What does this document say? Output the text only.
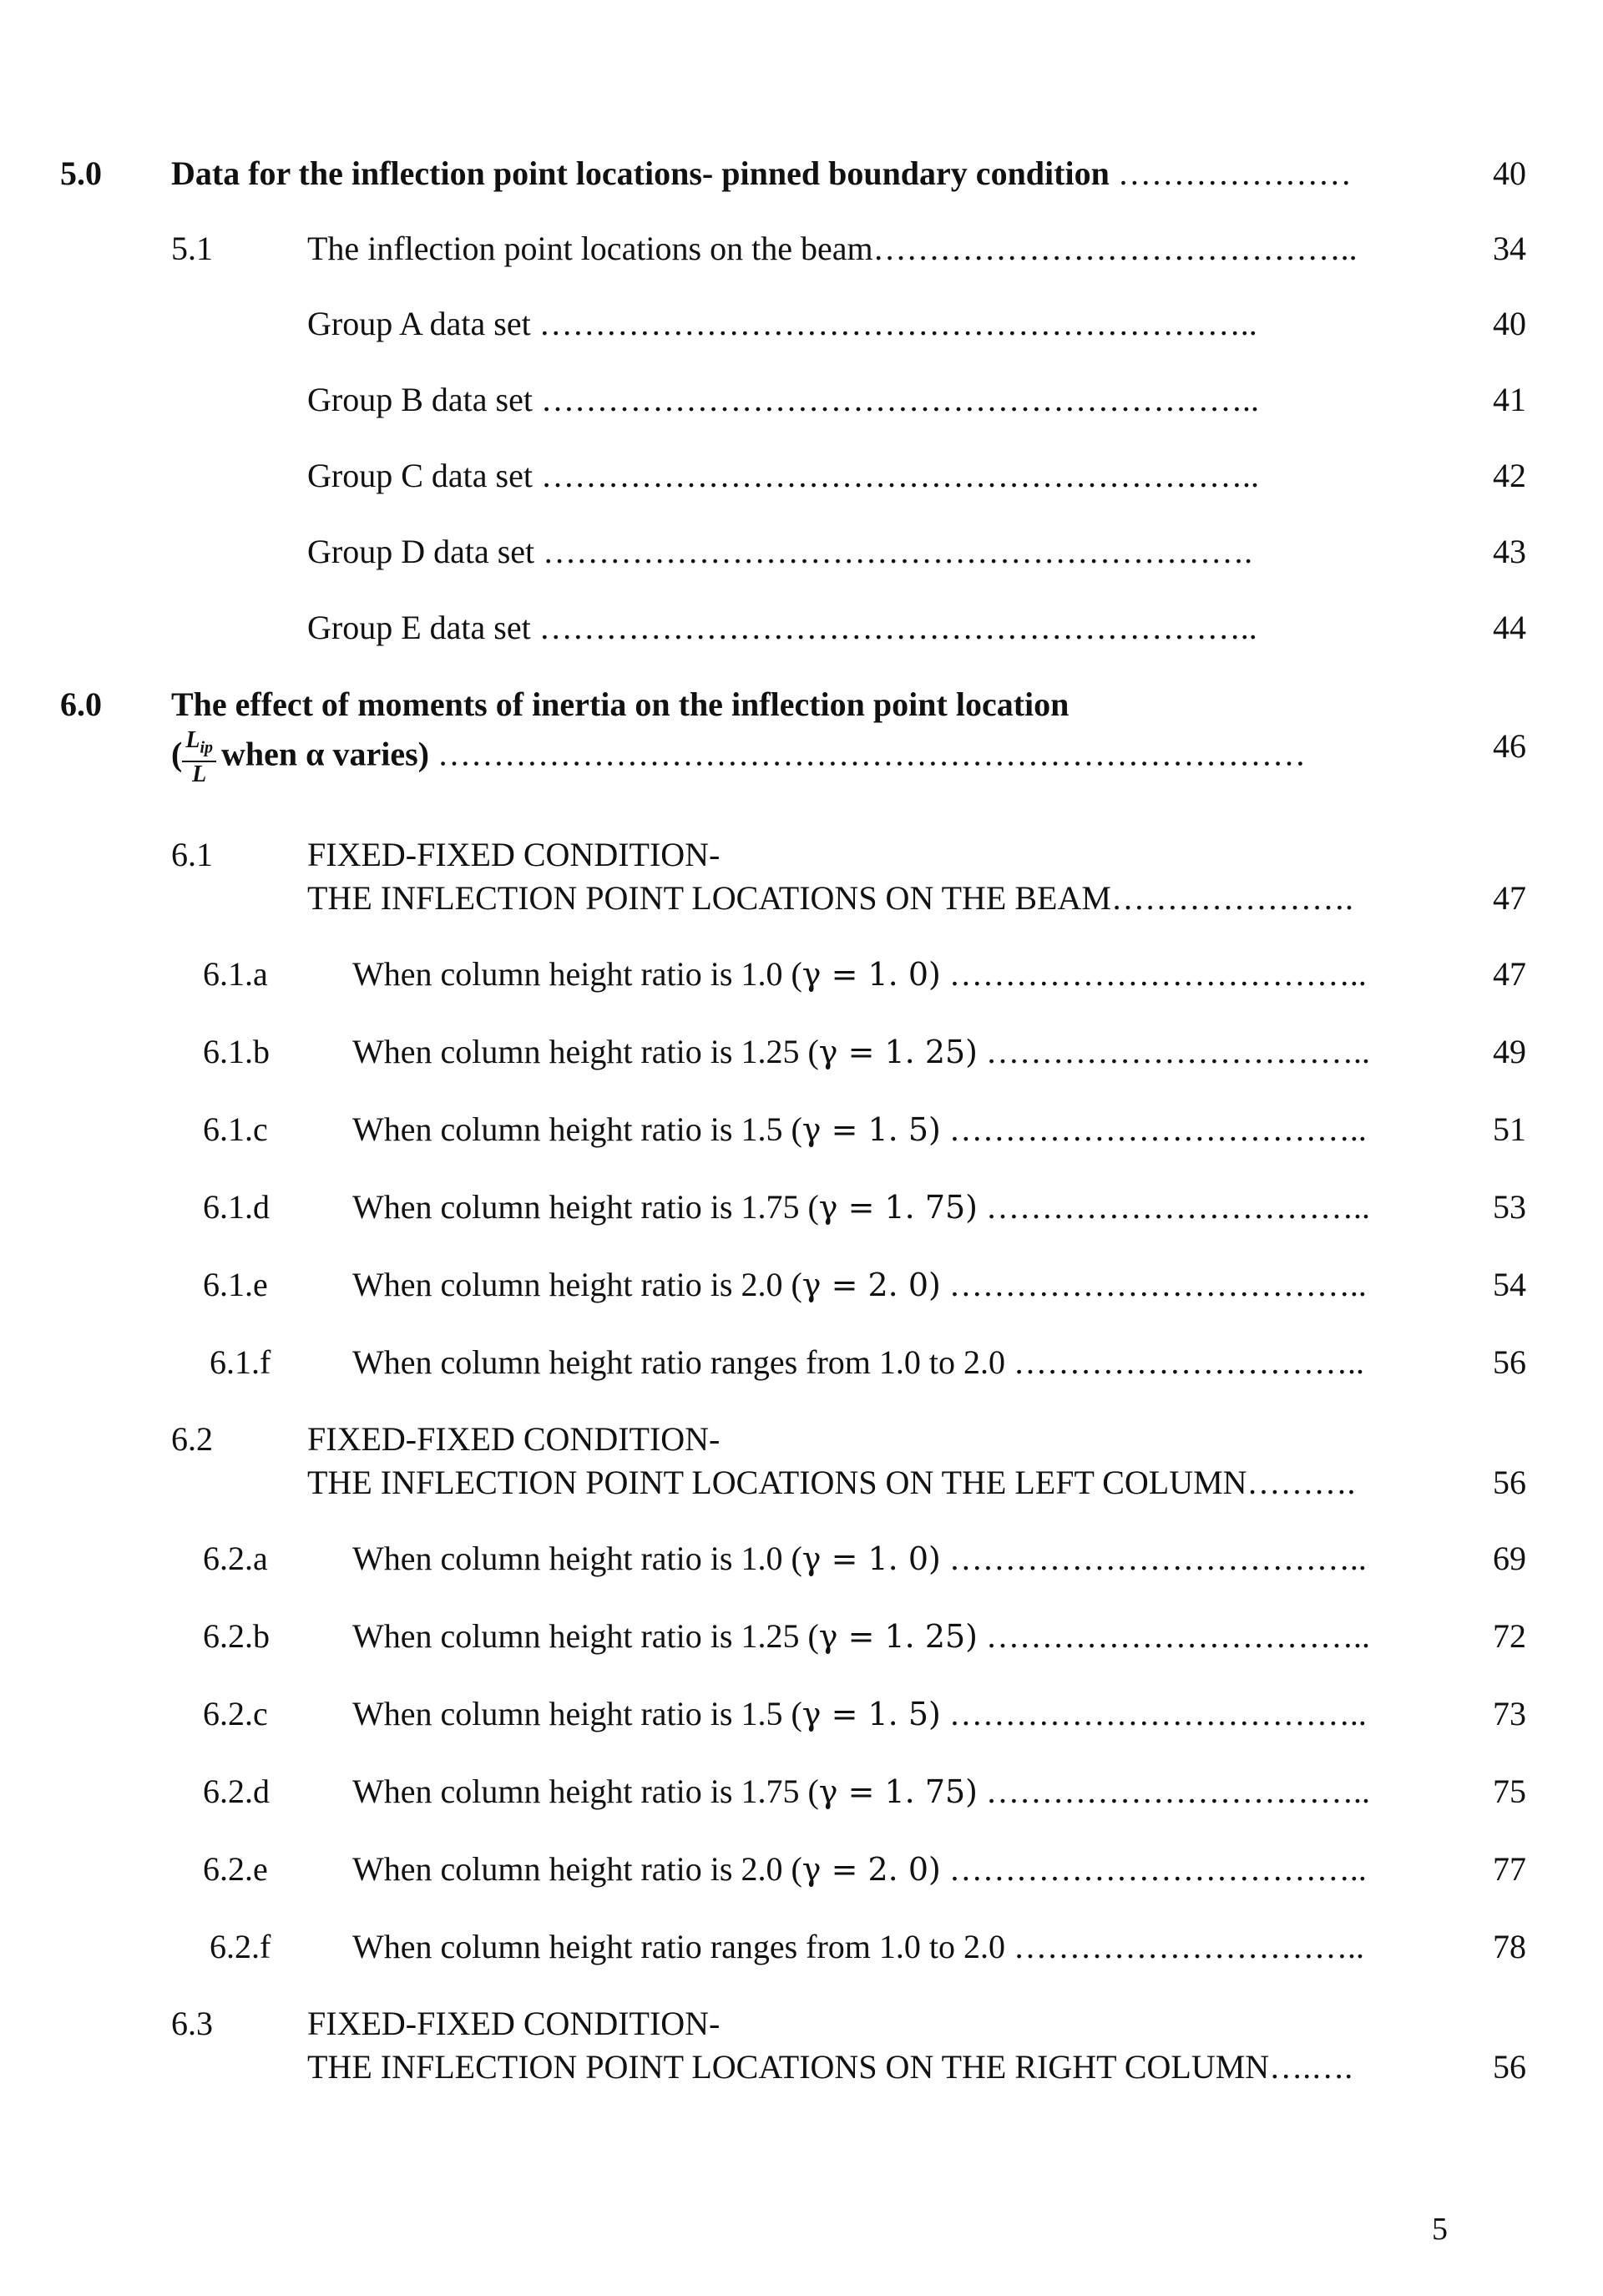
5.0 Data for the inflection point locations- pinned boundary condition …………………	40
5.1	The inflection point locations on the beam……………………………………..	34
Group A data set ………………………………………………………..	40
Group B data set ………………………………………………………..	41
Group C data set ………………………………………………………..	42
Group D data set ……………………………………………………….	43
Group E data set ………………………………………………………..	44
6.0 The effect of moments of inertia on the inflection point location
( $\frac{L_{ip}}{L}$ when α varies) ……………………………………………………………………	46
6.1	FIXED-FIXED CONDITION-
THE INFLECTION POINT LOCATIONS ON THE BEAM………………….	47
6.1.a	When column height ratio is 1.0 (γ = 1. 0) ………………………………..	47
6.1.b When column height ratio is 1.25 (γ = 1. 25) ……………………………..	49
6.1.c	When column height ratio is 1.5 (γ = 1. 5) ………………………………..	51
6.1.d When column height ratio is 1.75 (γ = 1. 75) ……………………………..	53
6.1.e	When column height ratio is 2.0 (γ = 2. 0) ………………………………..	54
6.1.f When column height ratio ranges from 1.0 to 2.0 …………………………..	56
6.2	FIXED-FIXED CONDITION-
THE INFLECTION POINT LOCATIONS ON THE LEFT COLUMN……….	56
6.2.a	When column height ratio is 1.0 (γ = 1. 0) ………………………………..	69
6.2.b When column height ratio is 1.25 (γ = 1. 25) ……………………………..	72
6.2.c	When column height ratio is 1.5 (γ = 1. 5) ………………………………..	73
6.2.d When column height ratio is 1.75 (γ = 1. 75) ……………………………..	75
6.2.e	When column height ratio is 2.0 (γ = 2. 0) ………………………………..	77
6.2.f When column height ratio ranges from 1.0 to 2.0 …………………………..	78
6.3	FIXED-FIXED CONDITION-
THE INFLECTION POINT LOCATIONS ON THE RIGHT COLUMN….….	56
5
